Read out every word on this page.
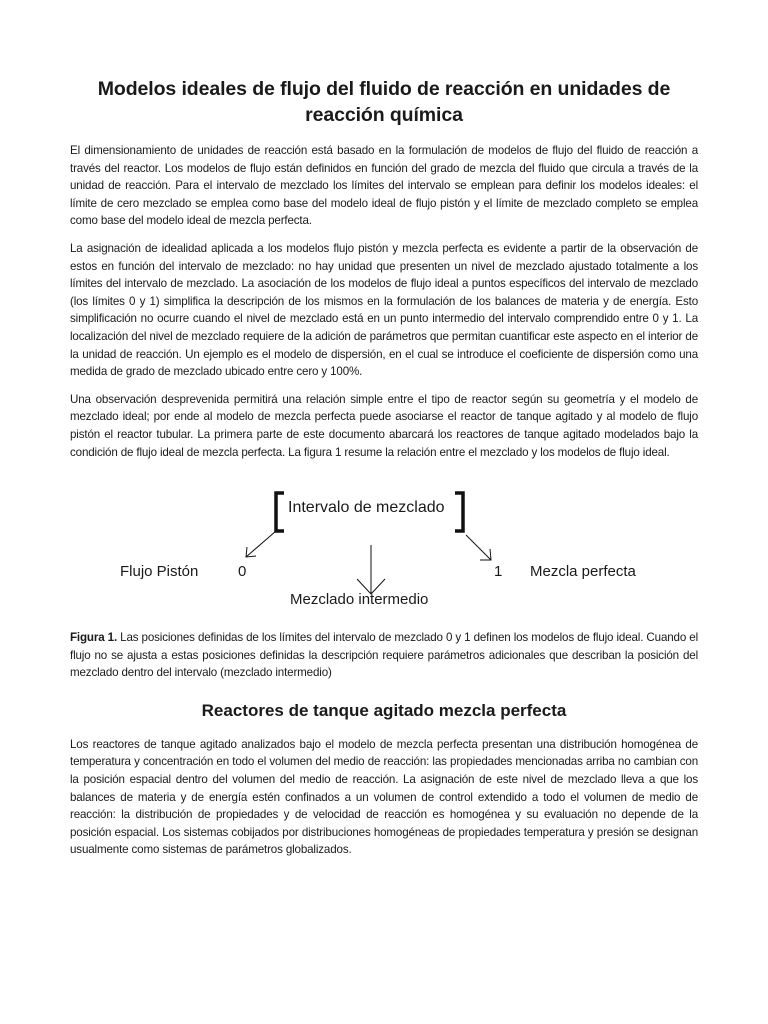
Modelos ideales de flujo del fluido de reacción en unidades de reacción química

El dimensionamiento de unidades de reacción está basado en la formulación de modelos de flujo del fluido de reacción a través del reactor. Los modelos de flujo están definidos en función del grado de mezcla del fluido que circula a través de la unidad de reacción. Para el intervalo de mezclado los límites del intervalo se emplean para definir los modelos ideales: el límite de cero mezclado se emplea como base del modelo ideal de flujo pistón y el límite de mezclado completo se emplea como base del modelo ideal de mezcla perfecta.

La asignación de idealidad aplicada a los modelos flujo pistón y mezcla perfecta es evidente a partir de la observación de estos en función del intervalo de mezclado: no hay unidad que presenten un nivel de mezclado ajustado totalmente a los límites del intervalo de mezclado. La asociación de los modelos de flujo ideal a puntos específicos del intervalo de mezclado (los límites 0 y 1) simplifica la descripción de los mismos en la formulación de los balances de materia y de energía. Esto simplificación no ocurre cuando el nivel de mezclado está en un punto intermedio del intervalo comprendido entre 0 y 1. La localización del nivel de mezclado requiere de la adición de parámetros que permitan cuantificar este aspecto en el interior de la unidad de reacción. Un ejemplo es el modelo de dispersión, en el cual se introduce el coeficiente de dispersión como una medida de grado de mezclado ubicado entre cero y 100%.

Una observación desprevenida permitirá una relación simple entre el tipo de reactor según su geometría y el modelo de mezclado ideal; por ende al modelo de mezcla perfecta puede asociarse el reactor de tanque agitado y al modelo de flujo pistón el reactor tubular. La primera parte de este documento abarcará los reactores de tanque agitado modelados bajo la condición de flujo ideal de mezcla perfecta. La figura 1 resume la relación entre el mezclado y los modelos de flujo ideal.

Intervalo de mezclado
Flujo Pistón	0
Mezclado intermedio
1 Mezcla perfecta

Figura 1. Las posiciones definidas de los límites del intervalo de mezclado 0 y 1 definen los modelos de flujo ideal. Cuando el flujo no se ajusta a estas posiciones definidas la descripción requiere parámetros adicionales que describan la posición del mezclado dentro del intervalo (mezclado intermedio)

Reactores de tanque agitado mezcla perfecta

Los reactores de tanque agitado analizados bajo el modelo de mezcla perfecta presentan una distribución homogénea de temperatura y concentración en todo el volumen del medio de reacción: las propiedades mencionadas arriba no cambian con la posición espacial dentro del volumen del medio de reacción. La asignación de este nivel de mezclado lleva a que los balances de materia y de energía estén confinados a un volumen de control extendido a todo el volumen de medio de reacción: la distribución de propiedades y de velocidad de reacción es homogénea y su evaluación no depende de la posición espacial. Los sistemas cobijados por distribuciones homogéneas de propiedades temperatura y presión se designan usualmente como sistemas de parámetros globalizados.
